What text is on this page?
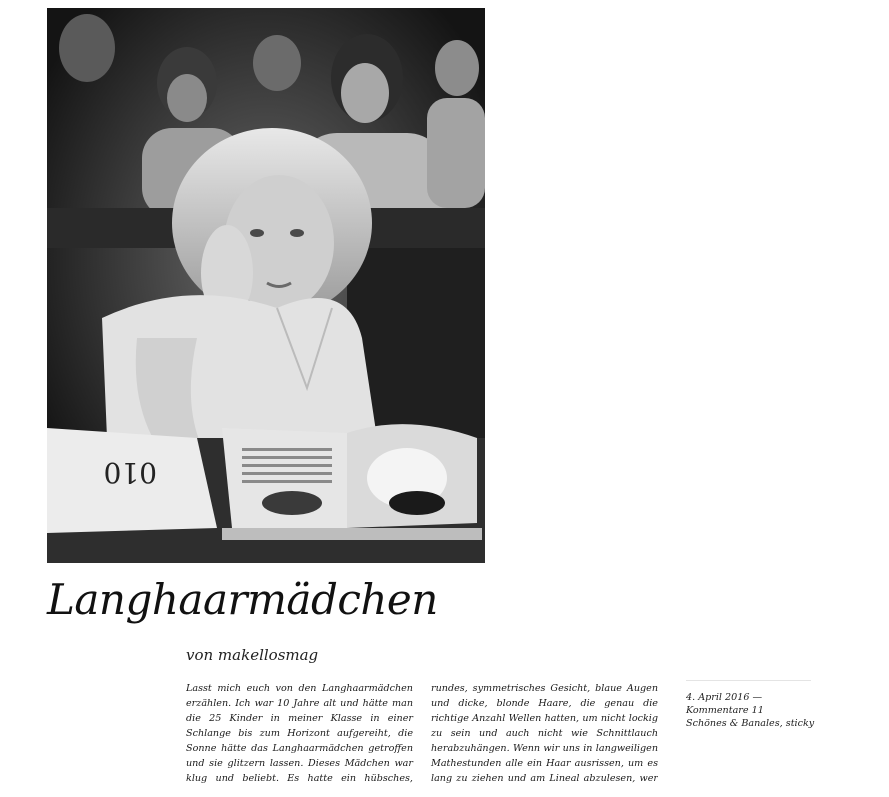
010
Langhaarmädchen
von makellosmag

Lasst mich euch von den Langhaarmädchen erzählen. Ich war 10 Jahre alt und hätte man die 25 Kinder in meiner Klasse in einer Schlange bis zum Horizont aufgereiht, die Sonne hätte das Langhaarmädchen getroffen und sie glitzern lassen. Dieses Mädchen war klug und beliebt. Es hatte ein hübsches, rundes, symmetrisches Gesicht, blaue Augen und dicke, blonde Haare, die genau die richtige Anzahl Wellen hatten, um nicht lockig zu sein und auch nicht wie Schnittlauch herabzuhängen. Wenn wir uns in langweiligen Mathestunden alle ein Haar ausrissen, um es lang zu ziehen und am Lineal abzulesen, wer

4. April 2016 —
Kommentare 11
Schönes & Banales, sticky
